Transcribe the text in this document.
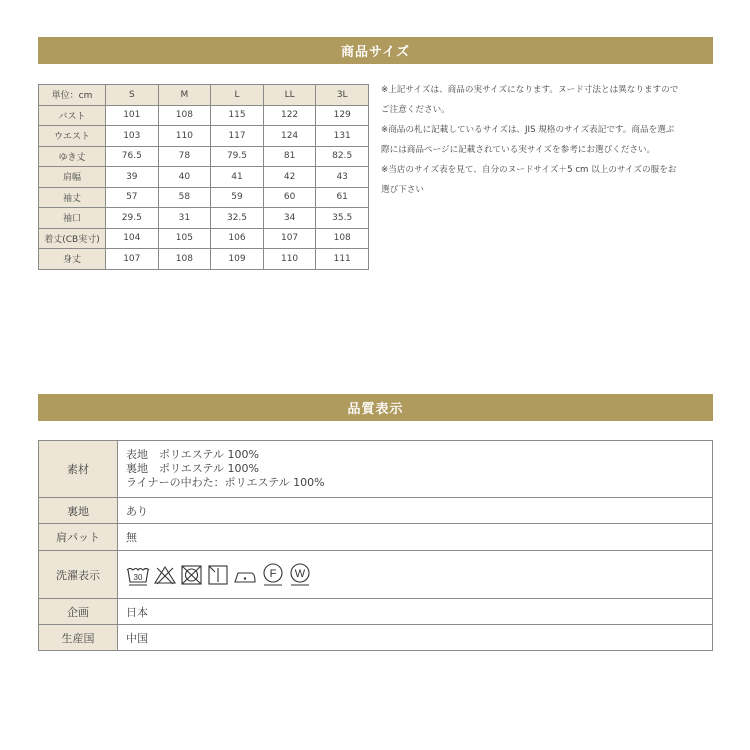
商品サイズ
単位：cm	S	M	L	LL	3L
バスト	101	108	115	122	129
ウエスト	103	110	117	124	131
ゆき丈	76.5	78	79.5	81	82.5
肩幅	39	40	41	42	43
袖丈	57	58	59	60	61
袖口	29.5	31	32.5	34	35.5
着丈(CB実寸)	104	105	106	107	108
身丈	107	108	109	110	111

※上記サイズは、商品の実サイズになります。ヌード寸法とは異なりますので

ご注意ください。

※商品の札に記載しているサイズは、JIS 規格のサイズ表記です。商品を選ぶ

際には商品ページに記載されている実サイズを参考にお選びください。

※当店のサイズ表を見て、自分のヌードサイズ＋5 cm 以上のサイズの服をお

選び下さい

品質表示
素材	表地　ポリエステル 100%
裏地　ポリエステル 100%
ライナーの中わた：ポリエステル 100%

裏地	あり
肩パット	無
洗濯表示	30 F W

企画	日本
生産国	中国
